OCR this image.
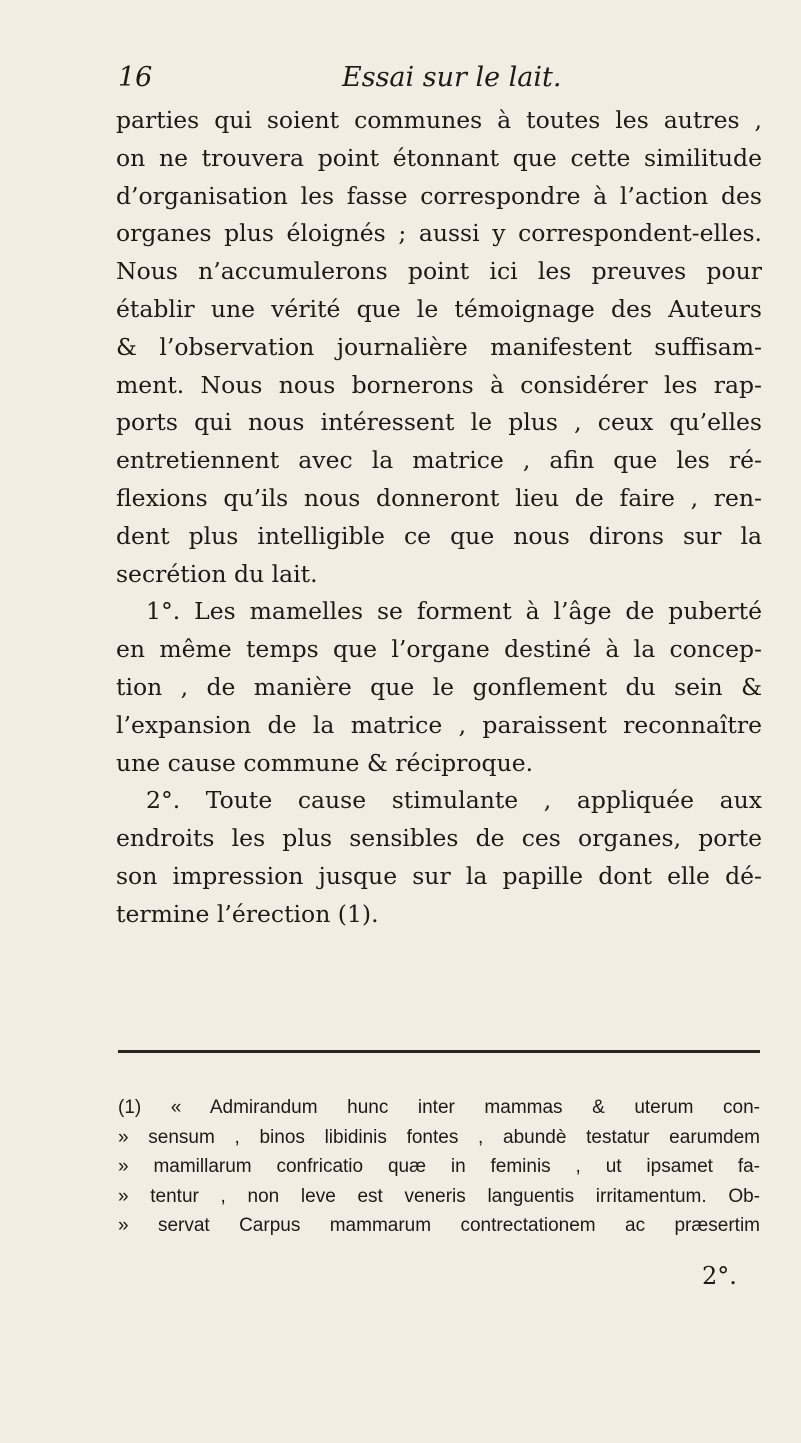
16	Essai sur le lait.
parties qui soient communes à toutes les autres ,
on ne trouvera point étonnant que cette similitude
d’organisation les fasse correspondre à l’action des
organes plus éloignés ; aussi y correspondent-elles.
Nous n’accumulerons point ici les preuves pour
établir une vérité que le témoignage des Auteurs
& l’observation journalière manifestent suffisam-
ment. Nous nous bornerons à considérer les rap-
ports qui nous intéressent le plus , ceux qu’elles
entretiennent avec la matrice , afin que les ré-
flexions qu’ils nous donneront lieu de faire , ren-
dent plus intelligible ce que nous dirons sur la
secrétion du lait.
1°. Les mamelles se forment à l’âge de puberté
en même temps que l’organe destiné à la concep-
tion , de manière que le gonflement du sein &
l’expansion de la matrice , paraissent reconnaître
une cause commune & réciproque.
2°. Toute cause stimulante , appliquée aux
endroits les plus sensibles de ces organes, porte
son impression jusque sur la papille dont elle dé-
termine l’érection (1).
(1) « Admirandum hunc inter mammas & uterum con-
» sensum , binos libidinis fontes , abundè testatur earumdem
» mamillarum confricatio quæ in feminis , ut ipsamet fa-
» tentur , non leve est veneris languentis irritamentum. Ob-
» servat Carpus mammarum contrectationem ac præsertim
2°.
